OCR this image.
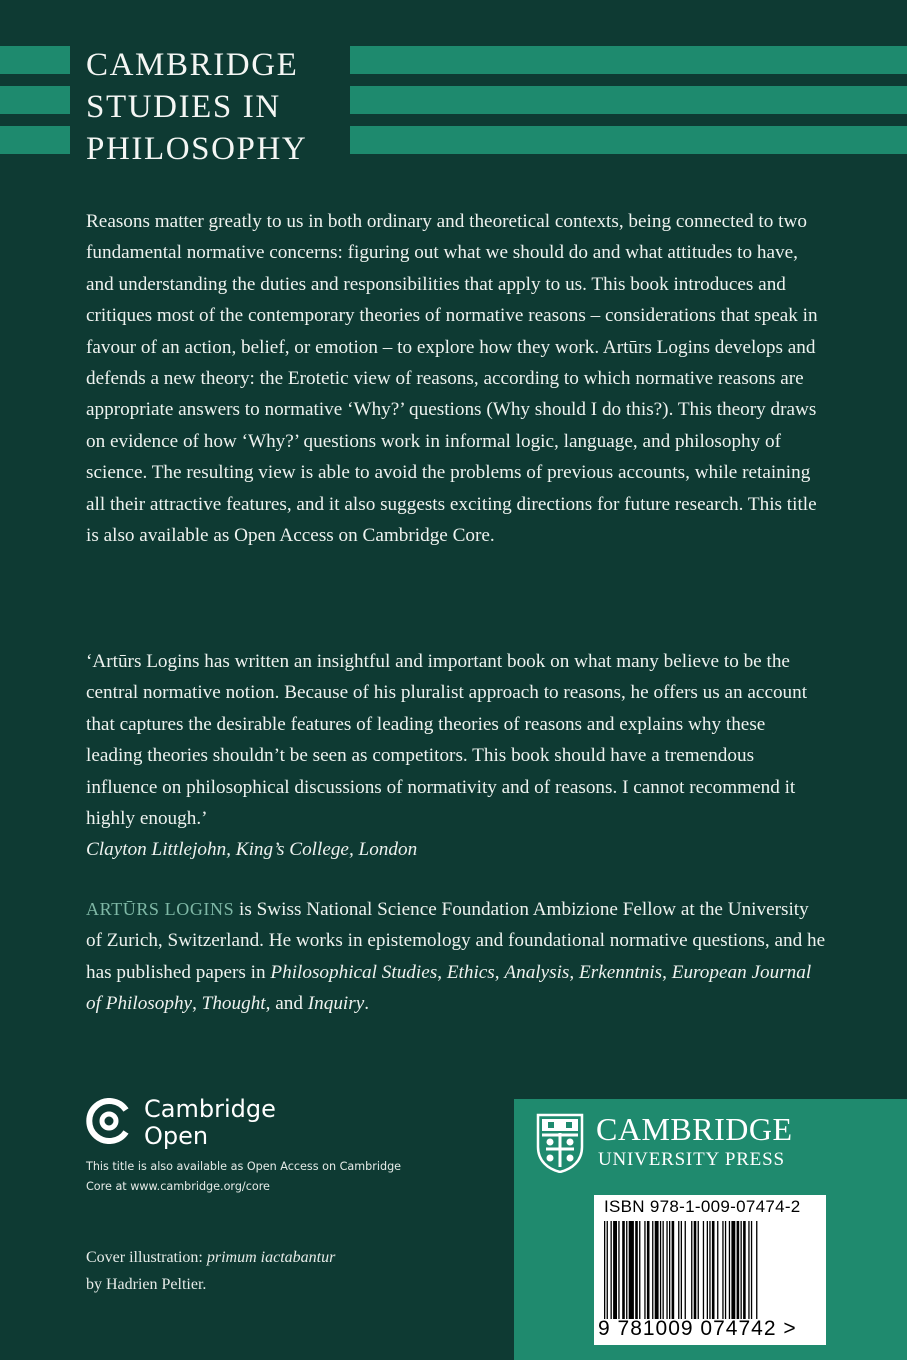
CAMBRIDGE
STUDIES IN
PHILOSOPHY

Reasons matter greatly to us in both ordinary and theoretical contexts, being connected to two fundamental normative concerns: figuring out what we should do and what attitudes to have, and understanding the duties and responsibilities that apply to us. This book introduces and critiques most of the contemporary theories of normative reasons – considerations that speak in favour of an action, belief, or emotion – to explore how they work. Artūrs Logins develops and defends a new theory: the Erotetic view of reasons, according to which normative reasons are appropriate answers to normative ‘Why?’ questions (Why should I do this?). This theory draws on evidence of how ‘Why?’ questions work in informal logic, language, and philosophy of science. The resulting view is able to avoid the problems of previous accounts, while retaining all their attractive features, and it also suggests exciting directions for future research. This title is also available as Open Access on Cambridge Core.

‘Artūrs Logins has written an insightful and important book on what many believe to be the central normative notion. Because of his pluralist approach to reasons, he offers us an account that captures the desirable features of leading theories of reasons and explains why these leading theories shouldn’t be seen as competitors. This book should have a tremendous influence on philosophical discussions of normativity and of reasons. I cannot recommend it highly enough.’
Clayton Littlejohn, King’s College, London

ARTŪRS LOGINS is Swiss National Science Foundation Ambizione Fellow at the University of Zurich, Switzerland. He works in epistemology and foundational normative questions, and he has published papers in Philosophical Studies, Ethics, Analysis, Erkenntnis, European Journal of Philosophy, Thought, and Inquiry.

Cambridge
Open
This title is also available as Open Access on Cambridge Core at www.cambridge.org/core
Cover illustration: primum iactabantur
by Hadrien Peltier.
CAMBRIDGE
UNIVERSITY PRESS
ISBN 978-1-009-07474-2
9 781009 074742 >
